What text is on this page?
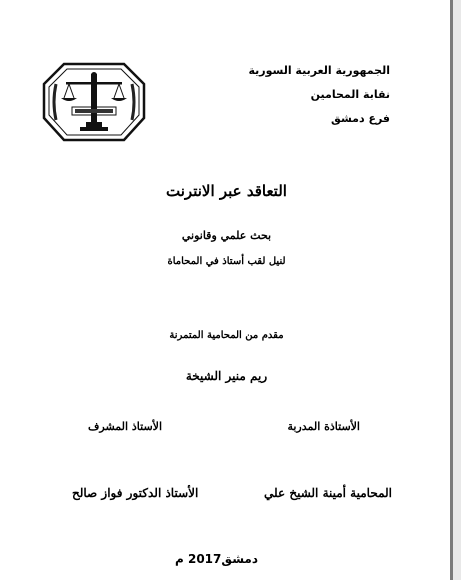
الجمهورية العربية السورية
نقابة المحامين
فرع دمشق
التعاقد عبر الانترنت
بحث علمي وقانوني
لنيل لقب أستاذ في المحاماة
مقدم من المحامية المتمرنة
ريم منير الشيخة
الأستاذة المدربة
الأستاذ المشرف
المحامية أمينة الشيخ علي
الأستاذ الدكتور فواز صالح
دمشق2017 م
